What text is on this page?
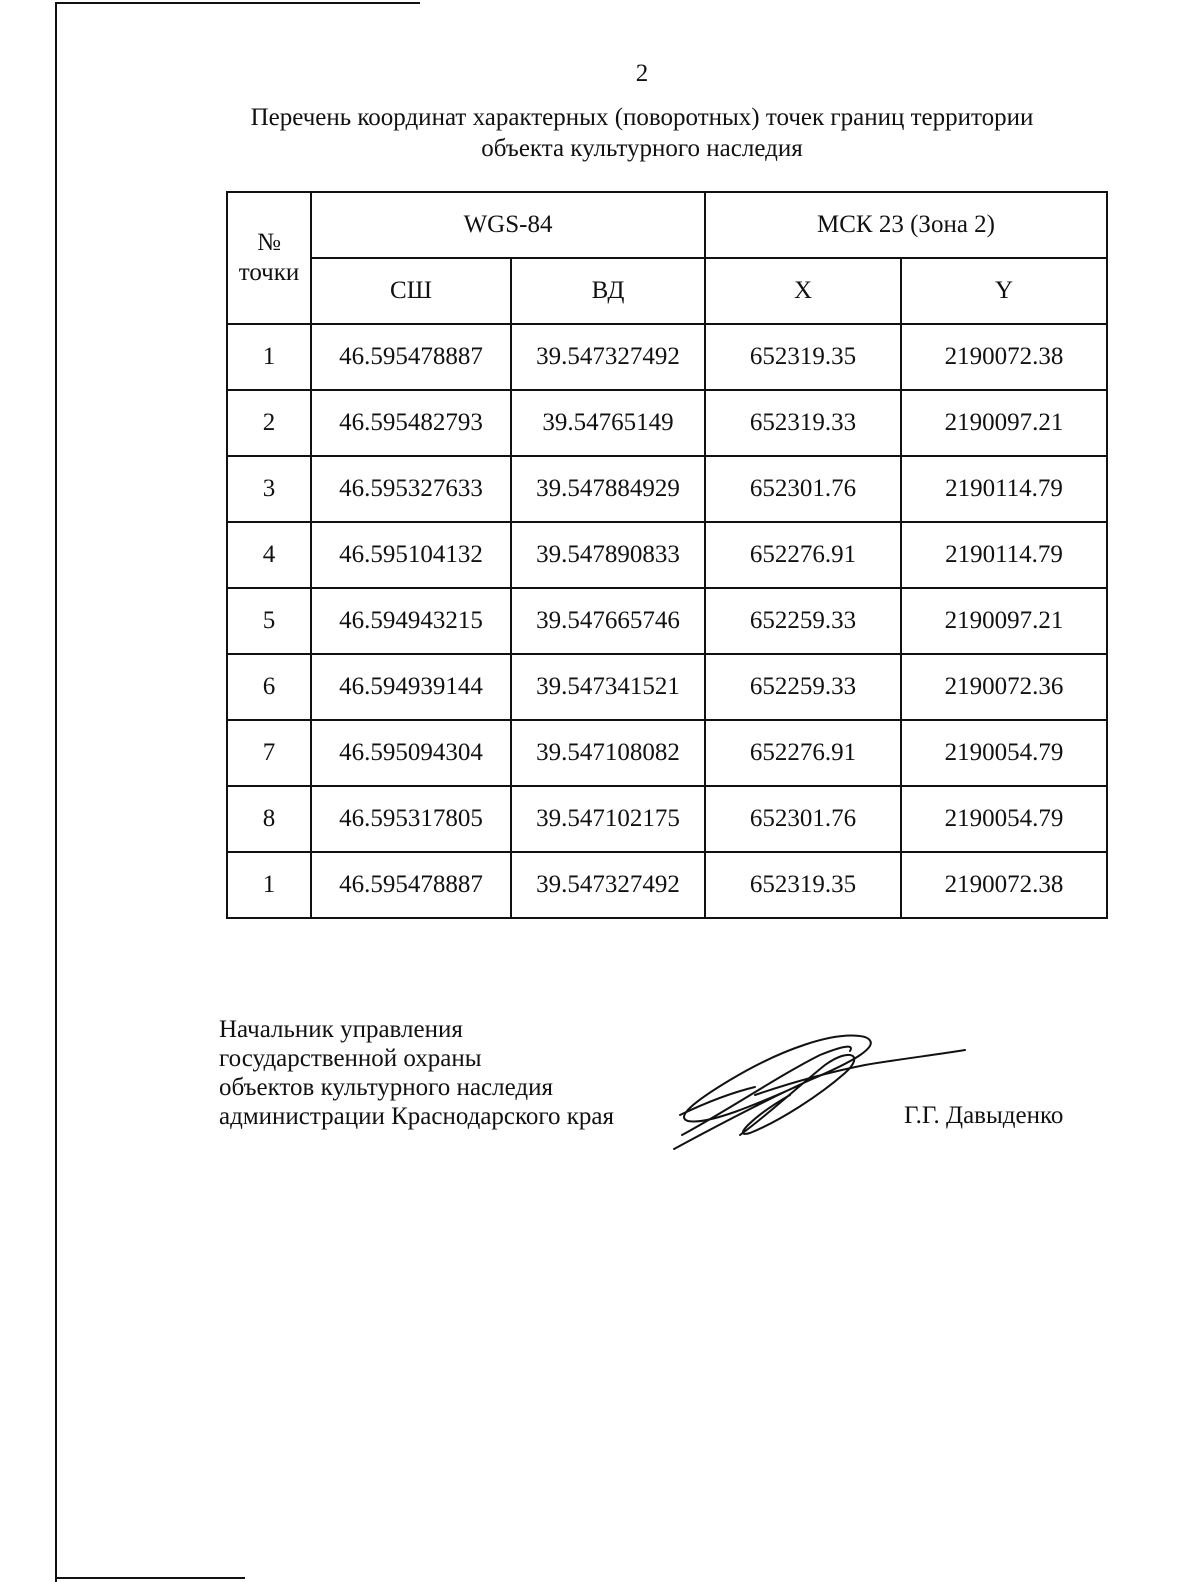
2
Перечень координат характерных (поворотных) точек границ территории
объекта культурного наследия
№
точки	WGS-84		МСК 23 (Зона 2)	
	СШ	ВД	X	Y
1	46.595478887	39.547327492	652319.35	2190072.38
2	46.595482793	39.54765149	652319.33	2190097.21
3	46.595327633	39.547884929	652301.76	2190114.79
4	46.595104132	39.547890833	652276.91	2190114.79
5	46.594943215	39.547665746	652259.33	2190097.21
6	46.594939144	39.547341521	652259.33	2190072.36
7	46.595094304	39.547108082	652276.91	2190054.79
8	46.595317805	39.547102175	652301.76	2190054.79
1	46.595478887	39.547327492	652319.35	2190072.38
Начальник управления
государственной охраны
объектов культурного наследия
администрации Краснодарского края	Г.Г. Давыденко
